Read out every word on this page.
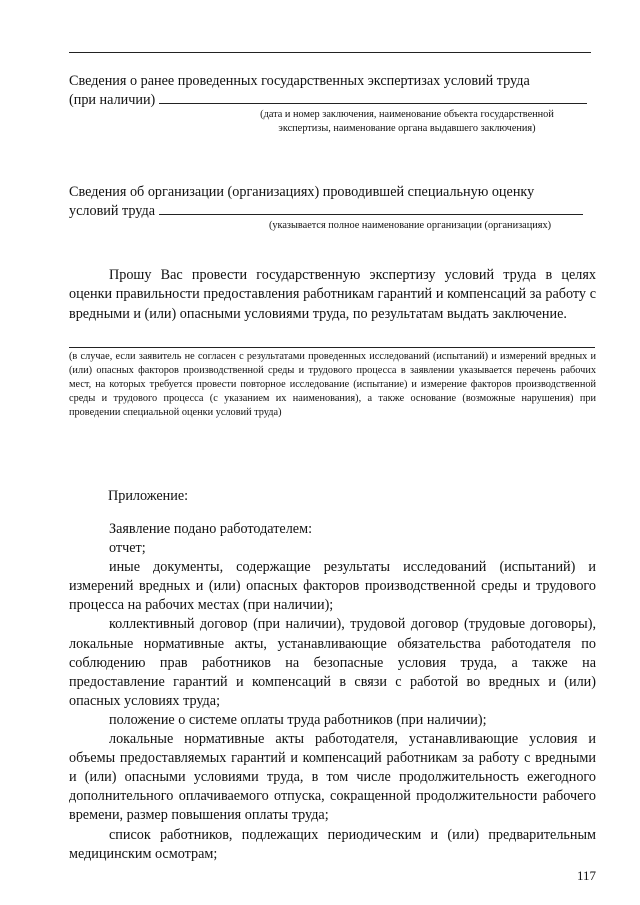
Сведения о ранее проведенных государственных экспертизах условий труда
(при наличии)
(дата и номер заключения, наименование объекта государственной экспертизы, наименование органа выдавшего заключения)
Сведения об организации (организациях) проводившей специальную оценку
условий труда
(указывается полное наименование организации (организациях)

Прошу Вас провести государственную экспертизу условий труда в целях оценки правильности предоставления работникам гарантий и компенсаций за работу с вредными и (или) опасными условиями труда, по результатам выдать заключение.

(в случае, если заявитель не согласен с результатами проведенных исследований (испытаний) и измерений вредных и (или) опасных факторов производственной среды и трудового процесса в заявлении указывается перечень рабочих мест, на которых требуется провести повторное исследование (испытание) и измерение факторов производственной среды и трудового процесса (с указанием их наименования), а также основание (возможные нарушения) при проведении специальной оценки условий труда)

Приложение:

Заявление подано работодателем:

отчет;

иные документы, содержащие результаты исследований (испытаний) и измерений вредных и (или) опасных факторов производственной среды и трудового процесса на рабочих местах (при наличии);

коллективный договор (при наличии), трудовой договор (трудовые договоры), локальные нормативные акты, устанавливающие обязательства работодателя по соблюдению прав работников на безопасные условия труда, а также на предоставление гарантий и компенсаций в связи с работой во вредных и (или) опасных условиях труда;

положение о системе оплаты труда работников (при наличии);

локальные нормативные акты работодателя, устанавливающие условия и объемы предоставляемых гарантий и компенсаций работникам за работу с вредными и (или) опасными условиями труда, в том числе продолжительность ежегодного дополнительного оплачиваемого отпуска, сокращенной продолжительности рабочего времени, размер повышения оплаты труда;

список работников, подлежащих периодическим и (или) предварительным медицинским осмотрам;

117
